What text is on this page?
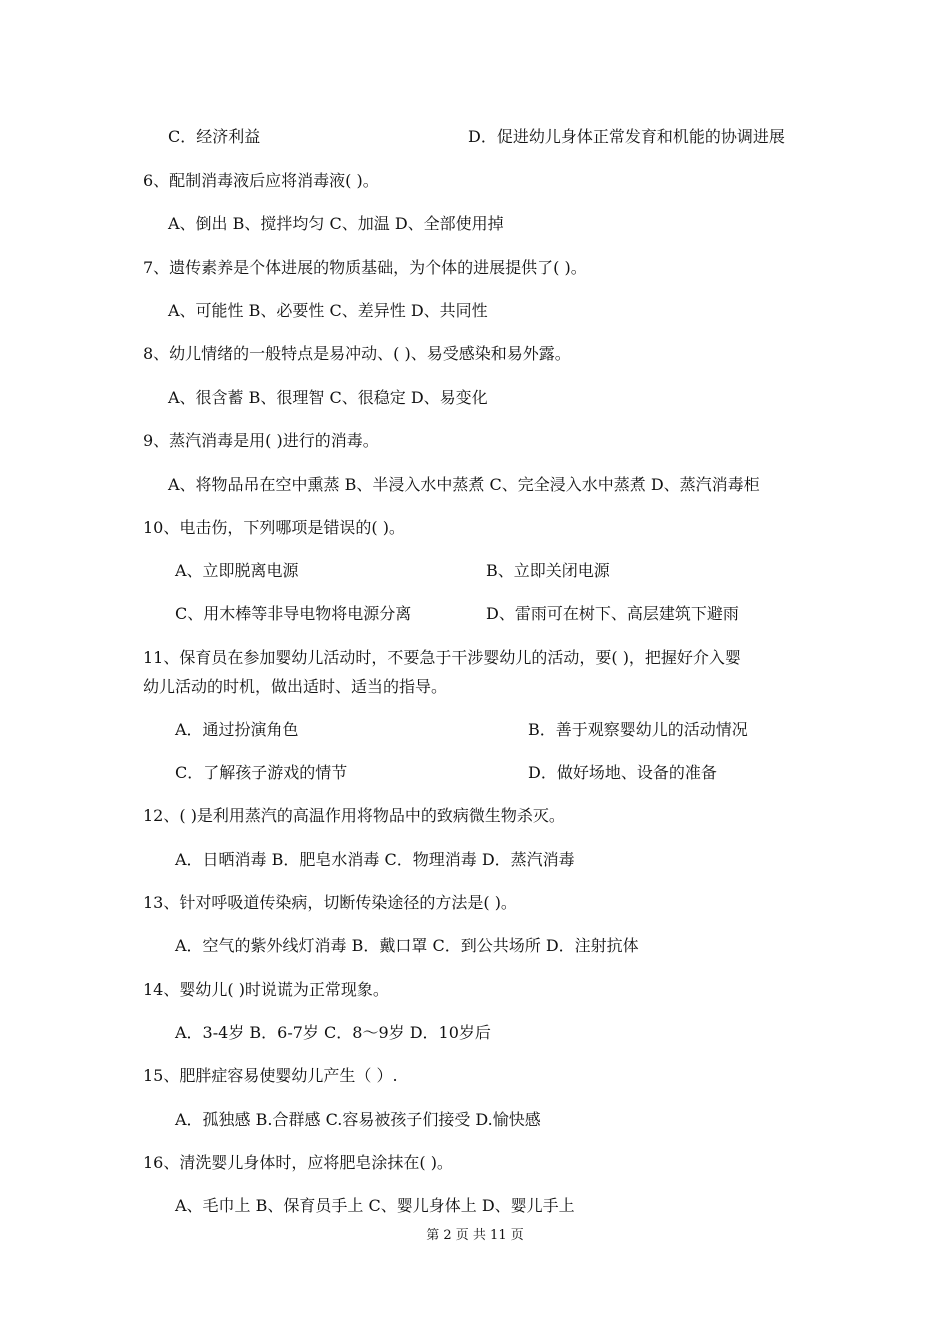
C．经济利益	D．促进幼儿身体正常发育和机能的协调进展
6、配制消毒液后应将消毒液( )。
A、倒出 B、搅拌均匀 C、加温 D、全部使用掉
7、遗传素养是个体进展的物质基础，为个体的进展提供了( )。
A、可能性 B、必要性 C、差异性 D、共同性
8、幼儿情绪的一般特点是易冲动、( )、易受感染和易外露。
A、很含蓄 B、很理智 C、很稳定 D、易变化
9、蒸汽消毒是用( )进行的消毒。
A、将物品吊在空中熏蒸 B、半浸入水中蒸煮 C、完全浸入水中蒸煮 D、蒸汽消毒柜
10、电击伤，下列哪项是错误的( )。
A、立即脱离电源	B、立即关闭电源
C、用木棒等非导电物将电源分离	D、雷雨可在树下、高层建筑下避雨
11、保育员在参加婴幼儿活动时，不要急于干涉婴幼儿的活动，要( )，把握好介入婴
幼儿活动的时机，做出适时、适当的指导。
A．通过扮演角色	B．善于观察婴幼儿的活动情况
C．了解孩子游戏的情节	D．做好场地、设备的准备
12、( )是利用蒸汽的高温作用将物品中的致病微生物杀灭。
A．日晒消毒 B．肥皂水消毒 C．物理消毒 D．蒸汽消毒
13、针对呼吸道传染病，切断传染途径的方法是( )。
A．空气的紫外线灯消毒 B．戴口罩 C．到公共场所 D．注射抗体
14、婴幼儿( )时说谎为正常现象。
A．3-4岁 B．6-7岁 C．8～9岁 D．10岁后
15、肥胖症容易使婴幼儿产生（ ）.
A．孤独感 B.合群感 C.容易被孩子们接受 D.愉快感
16、清洗婴儿身体时，应将肥皂涂抹在( )。
A、毛巾上 B、保育员手上 C、婴儿身体上 D、婴儿手上
第 2 页 共 11 页
